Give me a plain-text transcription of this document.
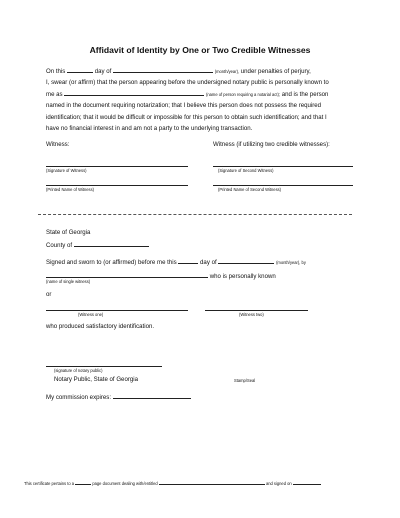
Affidavit of Identity by One or Two Credible Witnesses
On this	day of	(month/year), under penalties of perjury,
I, swear (or affirm) that the person appearing before the undersigned notary public is personally known to
me as	(name of person requiring a notarial act); and is the person
named in the document requiring notarization; that I believe this person does not possess the required
identification; that it would be difficult or impossible for this person to obtain such identification; and that I
have no financial interest in and am not a party to the underlying transaction.
Witness:	Witness (if utilizing two credible witnesses):
(Signature of Witness)	(Signature of Second Witness)
(Printed Name of Witness)	(Printed Name of Second Witness)
State of Georgia
County of
Signed and sworn to (or affirmed) before me this	day of	(month/year), by
who is personally known
(name of single witness)
or
(Witness one)	(Witness two)
who produced satisfactory identification.
(signature of notary public)
Notary Public, State of Georgia	Stamp/Seal
My commission expires:
This certificate pertains to a	page document dealing with/entitled	and signed on
